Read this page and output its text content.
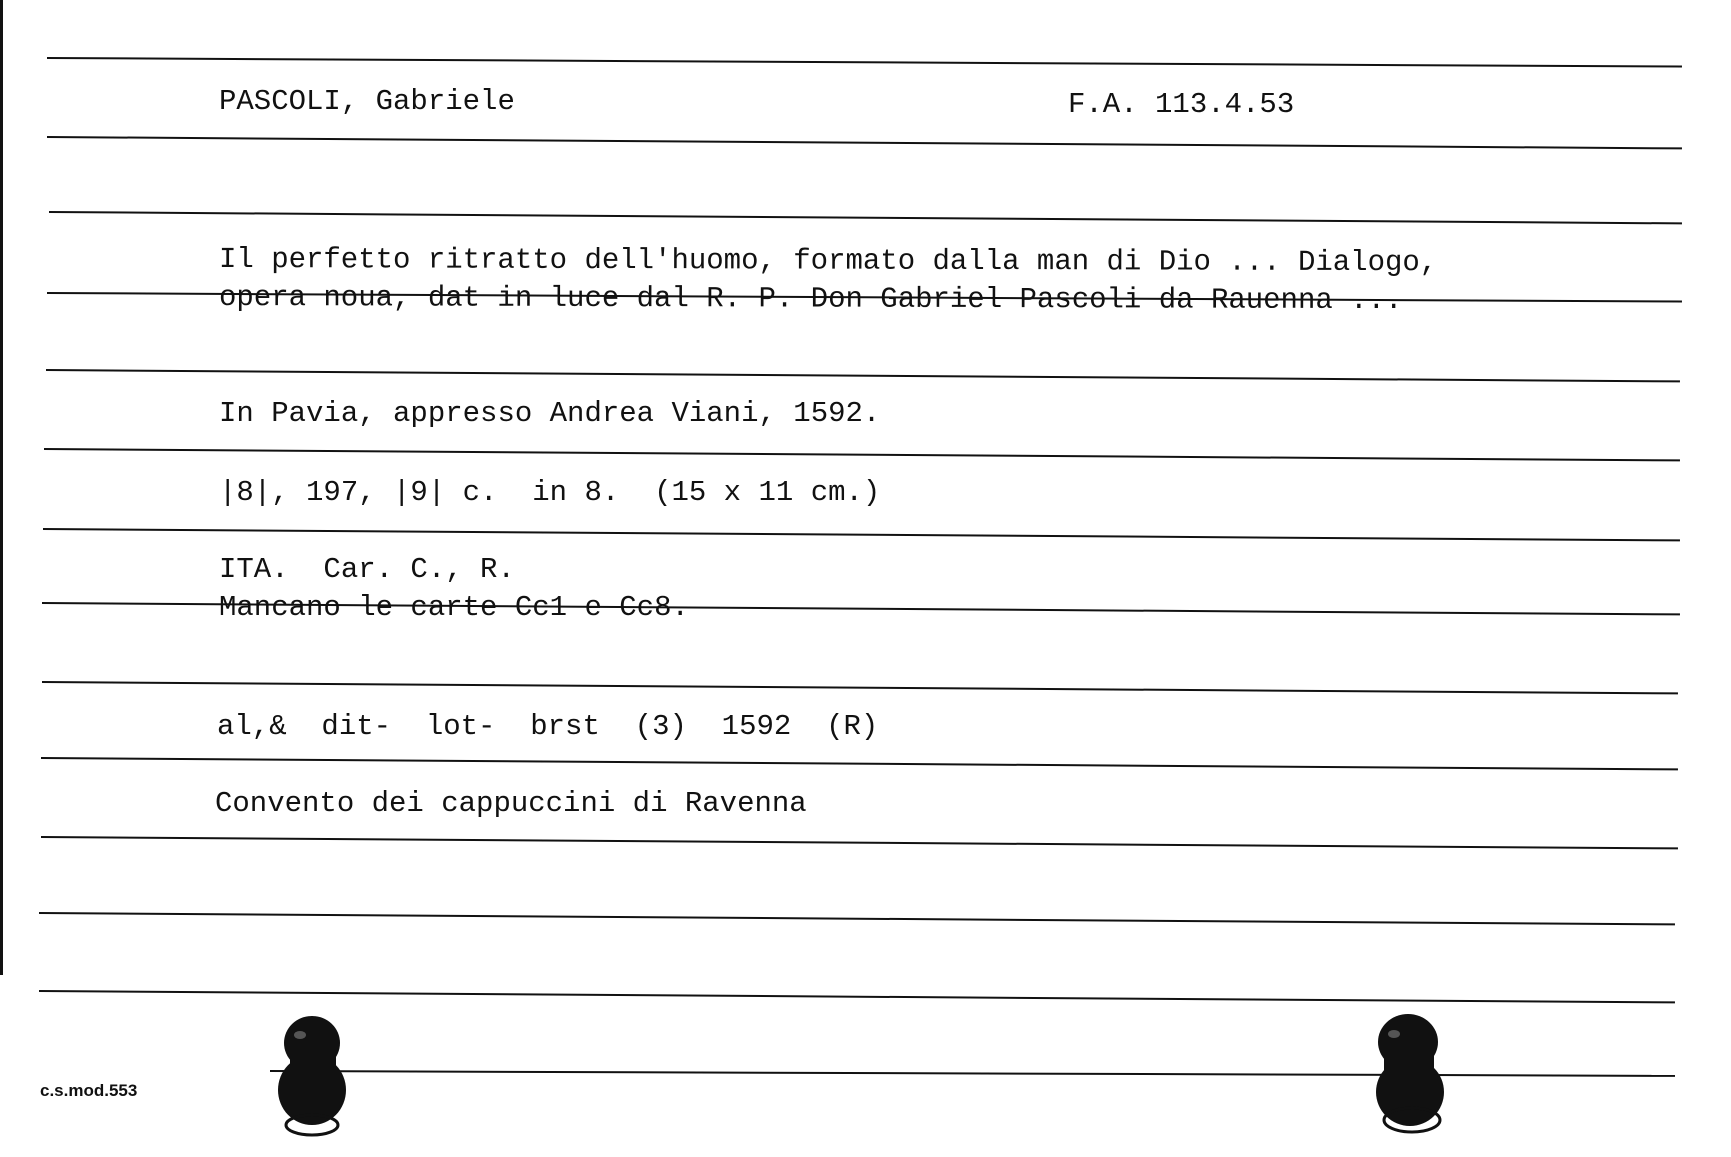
PASCOLI, Gabriele	F.A. 113.4.53
Il perfetto ritratto dell'huomo, formato dalla man di Dio ... Dialogo,
opera noua, dat in luce dal R. P. Don Gabriel Pascoli da Rauenna ...
In Pavia, appresso Andrea Viani, 1592.
|8|, 197, |9| c.  in 8.  (15 x 11 cm.)
ITA.  Car. C., R.
Mancano le carte Cc1 e Cc8.
al,&  dit-  lot-  brst  (3)  1592  (R)
Convento dei cappuccini di Ravenna
c.s.mod.553
